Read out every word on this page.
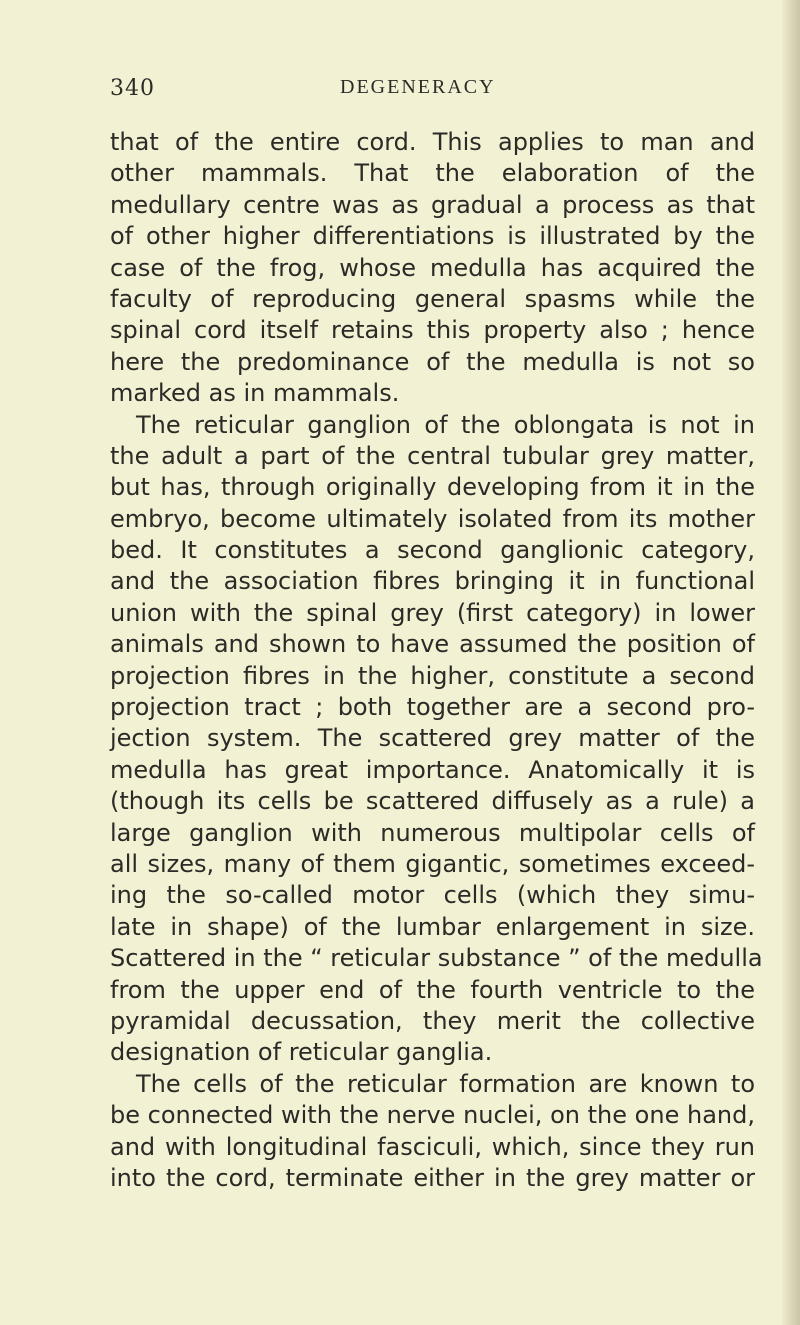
340	DEGENERACY
that of the entire cord. This applies to man and
other mammals. That the elaboration of the
medullary centre was as gradual a process as that
of other higher differentiations is illustrated by the
case of the frog, whose medulla has acquired the
faculty of reproducing general spasms while the
spinal cord itself retains this property also ; hence
here the predominance of the medulla is not so
marked as in mammals.
The reticular ganglion of the oblongata is not in
the adult a part of the central tubular grey matter,
but has, through originally developing from it in the
embryo, become ultimately isolated from its mother
bed. It constitutes a second ganglionic category,
and the association fibres bringing it in functional
union with the spinal grey (first category) in lower
animals and shown to have assumed the position of
projection fibres in the higher, constitute a second
projection tract ; both together are a second pro-
jection system. The scattered grey matter of the
medulla has great importance. Anatomically it is
(though its cells be scattered diffusely as a rule) a
large ganglion with numerous multipolar cells of
all sizes, many of them gigantic, sometimes exceed-
ing the so-called motor cells (which they simu-
late in shape) of the lumbar enlargement in size.
Scattered in the “ reticular substance ” of the medulla
from the upper end of the fourth ventricle to the
pyramidal decussation, they merit the collective
designation of reticular ganglia.
The cells of the reticular formation are known to
be connected with the nerve nuclei, on the one hand,
and with longitudinal fasciculi, which, since they run
into the cord, terminate either in the grey matter or
